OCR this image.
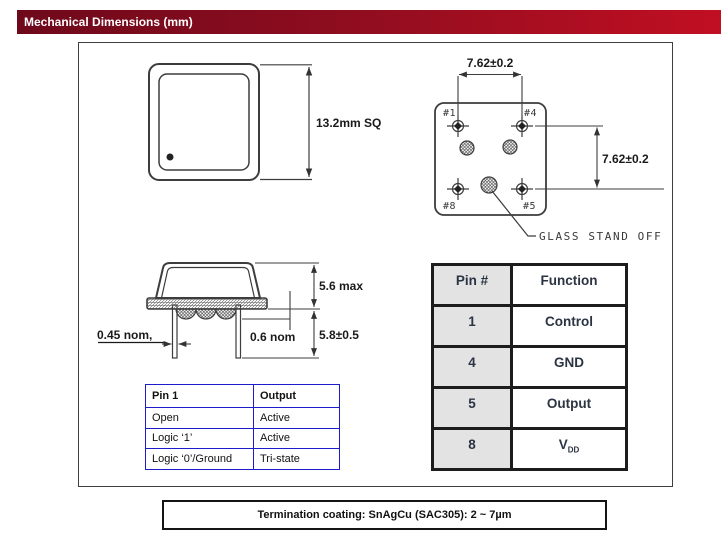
Mechanical Dimensions (mm)
13.2mm SQ
7.62±0.2
#1	#4
#8	#5
7.62±0.2
GLASS STAND OFF
5.6 max
5.8±0.5
0.6 nom
0.45 nom,
Pin 1	Output
Open	Active
Logic ‘1’	Active
Logic ‘0’/Ground	Tri-state
Pin #	Function
1	Control
4	GND
5	Output
8	$V_{DD}$
Termination coating: SnAgCu (SAC305): 2 ~ 7µm
